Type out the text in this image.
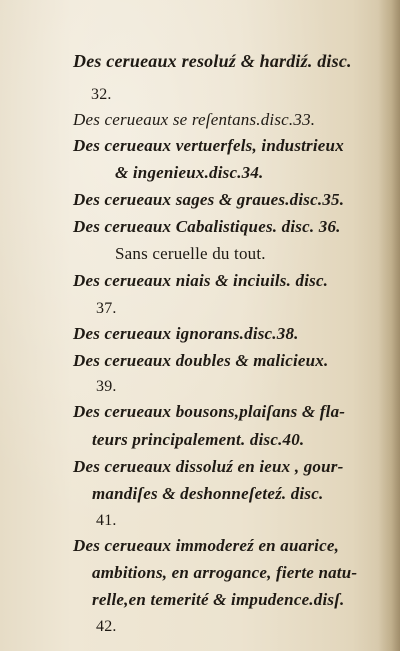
Des cerueaux resoluź & hardiź. disc.
32.
Des cerueaux se reſentans.disc.33.
Des cerueaux vertuerfels, industrieux
& ingenieux.disc.34.
Des cerueaux sages & graues.disc.35.
Des cerueaux Cabalistiques. disc. 36.
Sans ceruelle du tout.
Des cerueaux niais & inciuils. disc.
37.
Des cerueaux ignorans.disc.38.
Des cerueaux doubles & malicieux.
39.
Des cerueaux bousons,plaiſans & fla-
teurs principalement. disc.40.
Des cerueaux dissoluź en ieux , gour-
mandiſes & deshonneſeteź. disc.
41.
Des cerueaux immodereź en auarice,
ambitions, en arrogance, fierte natu-
relle,en temerité & impudence.disſ.
42.
